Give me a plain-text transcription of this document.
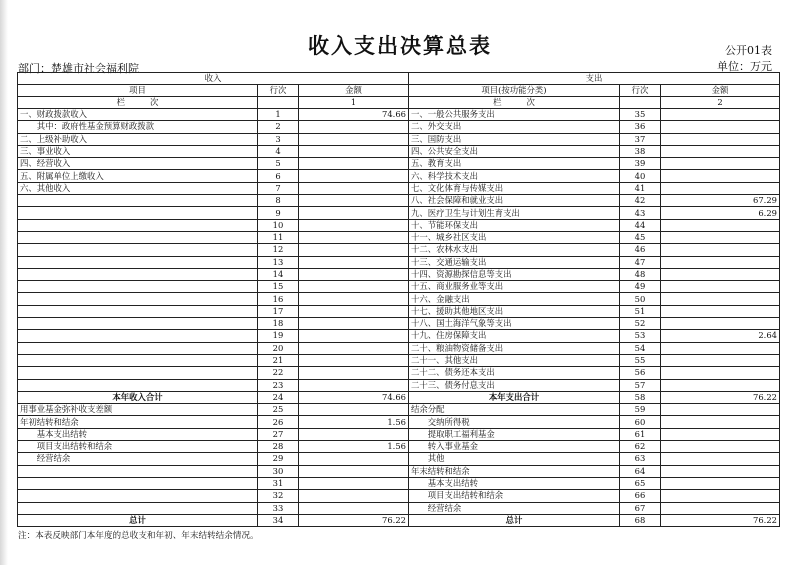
收入支出决算总表	公开01表
部门：楚雄市社会福利院	单位：万元
收入			支出		
项目	行次	金额	项目(按功能分类)	行次	金额
栏　　　次		1	栏　　　次		2
一、财政拨款收入	1	74.66	一、一般公共服务支出	35	
　　其中：政府性基金预算财政拨款	2		二、外交支出	36	
二、上级补助收入	3		三、国防支出	37	
三、事业收入	4		四、公共安全支出	38	
四、经营收入	5		五、教育支出	39	
五、附属单位上缴收入	6		六、科学技术支出	40	
六、其他收入	7		七、文化体育与传媒支出	41	
	8		八、社会保障和就业支出	42	67.29
	9		九、医疗卫生与计划生育支出	43	6.29
	10		十、节能环保支出	44	
	11		十一、城乡社区支出	45	
	12		十二、农林水支出	46	
	13		十三、交通运输支出	47	
	14		十四、资源勘探信息等支出	48	
	15		十五、商业服务业等支出	49	
	16		十六、金融支出	50	
	17		十七、援助其他地区支出	51	
	18		十八、国土海洋气象等支出	52	
	19		十九、住房保障支出	53	2.64
	20		二十、粮油物资储备支出	54	
	21		二十一、其他支出	55	
	22		二十二、债务还本支出	56	
	23		二十三、债务付息支出	57	
本年收入合计	24	74.66	本年支出合计	58	76.22
用事业基金弥补收支差额	25		结余分配	59	
年初结转和结余	26	1.56	　　交纳所得税	60	
　　基本支出结转	27		　　提取职工福利基金	61	
　　项目支出结转和结余	28	1.56	　　转入事业基金	62	
　　经营结余	29		　　其他	63	
	30		年末结转和结余	64	
	31		　　基本支出结转	65	
	32		　　项目支出结转和结余	66	
	33		　　经营结余	67	
总计	34	76.22	总计	68	76.22
注：本表反映部门本年度的总收支和年初、年末结转结余情况。
